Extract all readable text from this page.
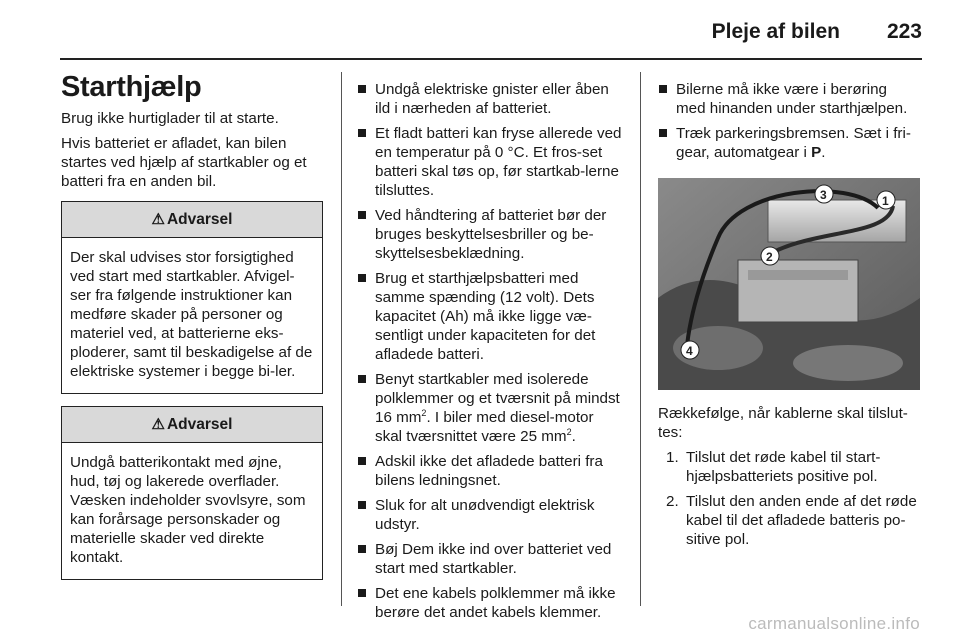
Pleje af bilen 223
Starthjælp

Brug ikke hurtiglader til at starte.

Hvis batteriet er afladet, kan bilen startes ved hjælp af startkabler og et batteri fra en anden bil.

⚠ Advarsel
Der skal udvises stor forsigtighed ved start med startkabler. Afvigel-ser fra følgende instruktioner kan medføre skader på personer og materiel ved, at batterierne eks-ploderer, samt til beskadigelse af de elektriske systemer i begge bi-ler.
⚠ Advarsel
Undgå batterikontakt med øjne, hud, tøj og lakerede overflader. Væsken indeholder svovlsyre, som kan forårsage personskader og materielle skader ved direkte kontakt.
Undgå elektriske gnister eller åben ild i nærheden af batteriet.
Et fladt batteri kan fryse allerede ved en temperatur på 0 °C. Et fros-set batteri skal tøs op, før startkab-lerne tilsluttes.
Ved håndtering af batteriet bør der bruges beskyttelsesbriller og be-skyttelsesbeklædning.
Brug et starthjælpsbatteri med samme spænding (12 volt). Dets kapacitet (Ah) må ikke ligge væ-sentligt under kapaciteten for det afladede batteri.
Benyt startkabler med isolerede polklemmer og et tværsnit på mindst 16 $mm^2$. I biler med diesel-motor skal tværsnittet være 25 $mm^2$.
Adskil ikke det afladede batteri fra bilens ledningsnet.
Sluk for alt unødvendigt elektrisk udstyr.
Bøj Dem ikke ind over batteriet ved start med startkabler.
Det ene kabels polklemmer må ikke berøre det andet kabels klemmer.
Bilerne må ikke være i berøring med hinanden under starthjælpen.
Træk parkeringsbremsen. Sæt i fri-gear, automatgear i P.
1
2
3
4

Rækkefølge, når kablerne skal tilslut-tes:

1. Tilslut det røde kabel til start-hjælpsbatteriets positive pol.
2. Tilslut den anden ende af det røde kabel til det afladede batteris po-sitive pol.
carmanualsonline.info
